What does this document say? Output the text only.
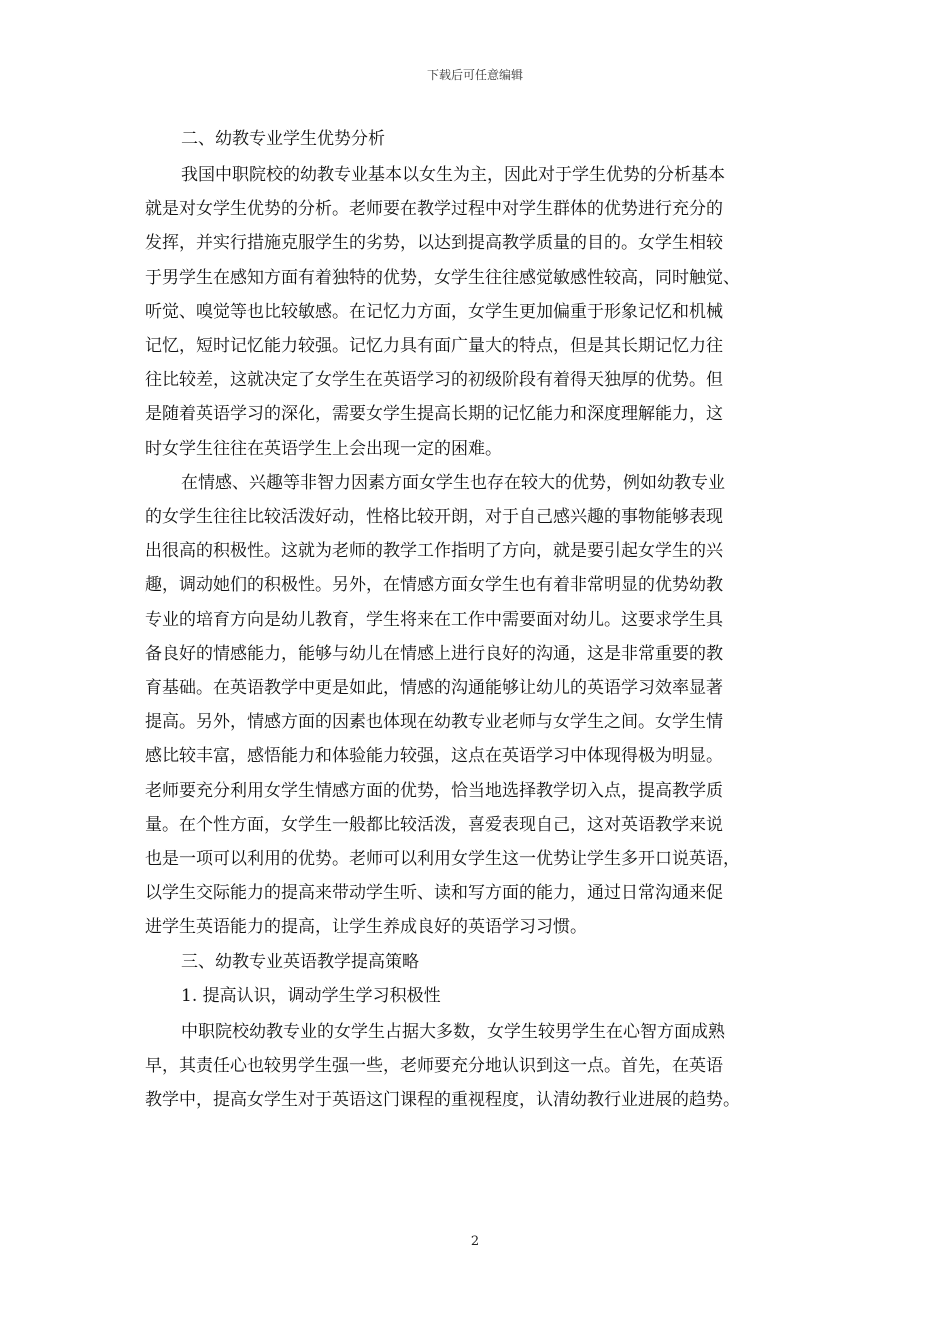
下载后可任意编辑
二、幼教专业学生优势分析

我国中职院校的幼教专业基本以女生为主，因此对于学生优势的分析基本
就是对女学生优势的分析。老师要在教学过程中对学生群体的优势进行充分的
发挥，并实行措施克服学生的劣势，以达到提高教学质量的目的。女学生相较
于男学生在感知方面有着独特的优势，女学生往往感觉敏感性较高，同时触觉、
听觉、嗅觉等也比较敏感。在记忆力方面，女学生更加偏重于形象记忆和机械
记忆，短时记忆能力较强。记忆力具有面广量大的特点，但是其长期记忆力往
往比较差，这就决定了女学生在英语学习的初级阶段有着得天独厚的优势。但
是随着英语学习的深化，需要女学生提高长期的记忆能力和深度理解能力，这
时女学生往往在英语学生上会出现一定的困难。

在情感、兴趣等非智力因素方面女学生也存在较大的优势，例如幼教专业
的女学生往往比较活泼好动，性格比较开朗，对于自己感兴趣的事物能够表现
出很高的积极性。这就为老师的教学工作指明了方向，就是要引起女学生的兴
趣，调动她们的积极性。另外，在情感方面女学生也有着非常明显的优势幼教
专业的培育方向是幼儿教育，学生将来在工作中需要面对幼儿。这要求学生具
备良好的情感能力，能够与幼儿在情感上进行良好的沟通，这是非常重要的教
育基础。在英语教学中更是如此，情感的沟通能够让幼儿的英语学习效率显著
提高。另外，情感方面的因素也体现在幼教专业老师与女学生之间。女学生情
感比较丰富，感悟能力和体验能力较强，这点在英语学习中体现得极为明显。
老师要充分利用女学生情感方面的优势，恰当地选择教学切入点，提高教学质
量。在个性方面，女学生一般都比较活泼，喜爱表现自己，这对英语教学来说
也是一项可以利用的优势。老师可以利用女学生这一优势让学生多开口说英语，
以学生交际能力的提高来带动学生听、读和写方面的能力，通过日常沟通来促
进学生英语能力的提高，让学生养成良好的英语学习习惯。

三、幼教专业英语教学提高策略
1. 提高认识，调动学生学习积极性

中职院校幼教专业的女学生占据大多数，女学生较男学生在心智方面成熟
早，其责任心也较男学生强一些，老师要充分地认识到这一点。首先，在英语
教学中，提高女学生对于英语这门课程的重视程度，认清幼教行业进展的趋势。

2
